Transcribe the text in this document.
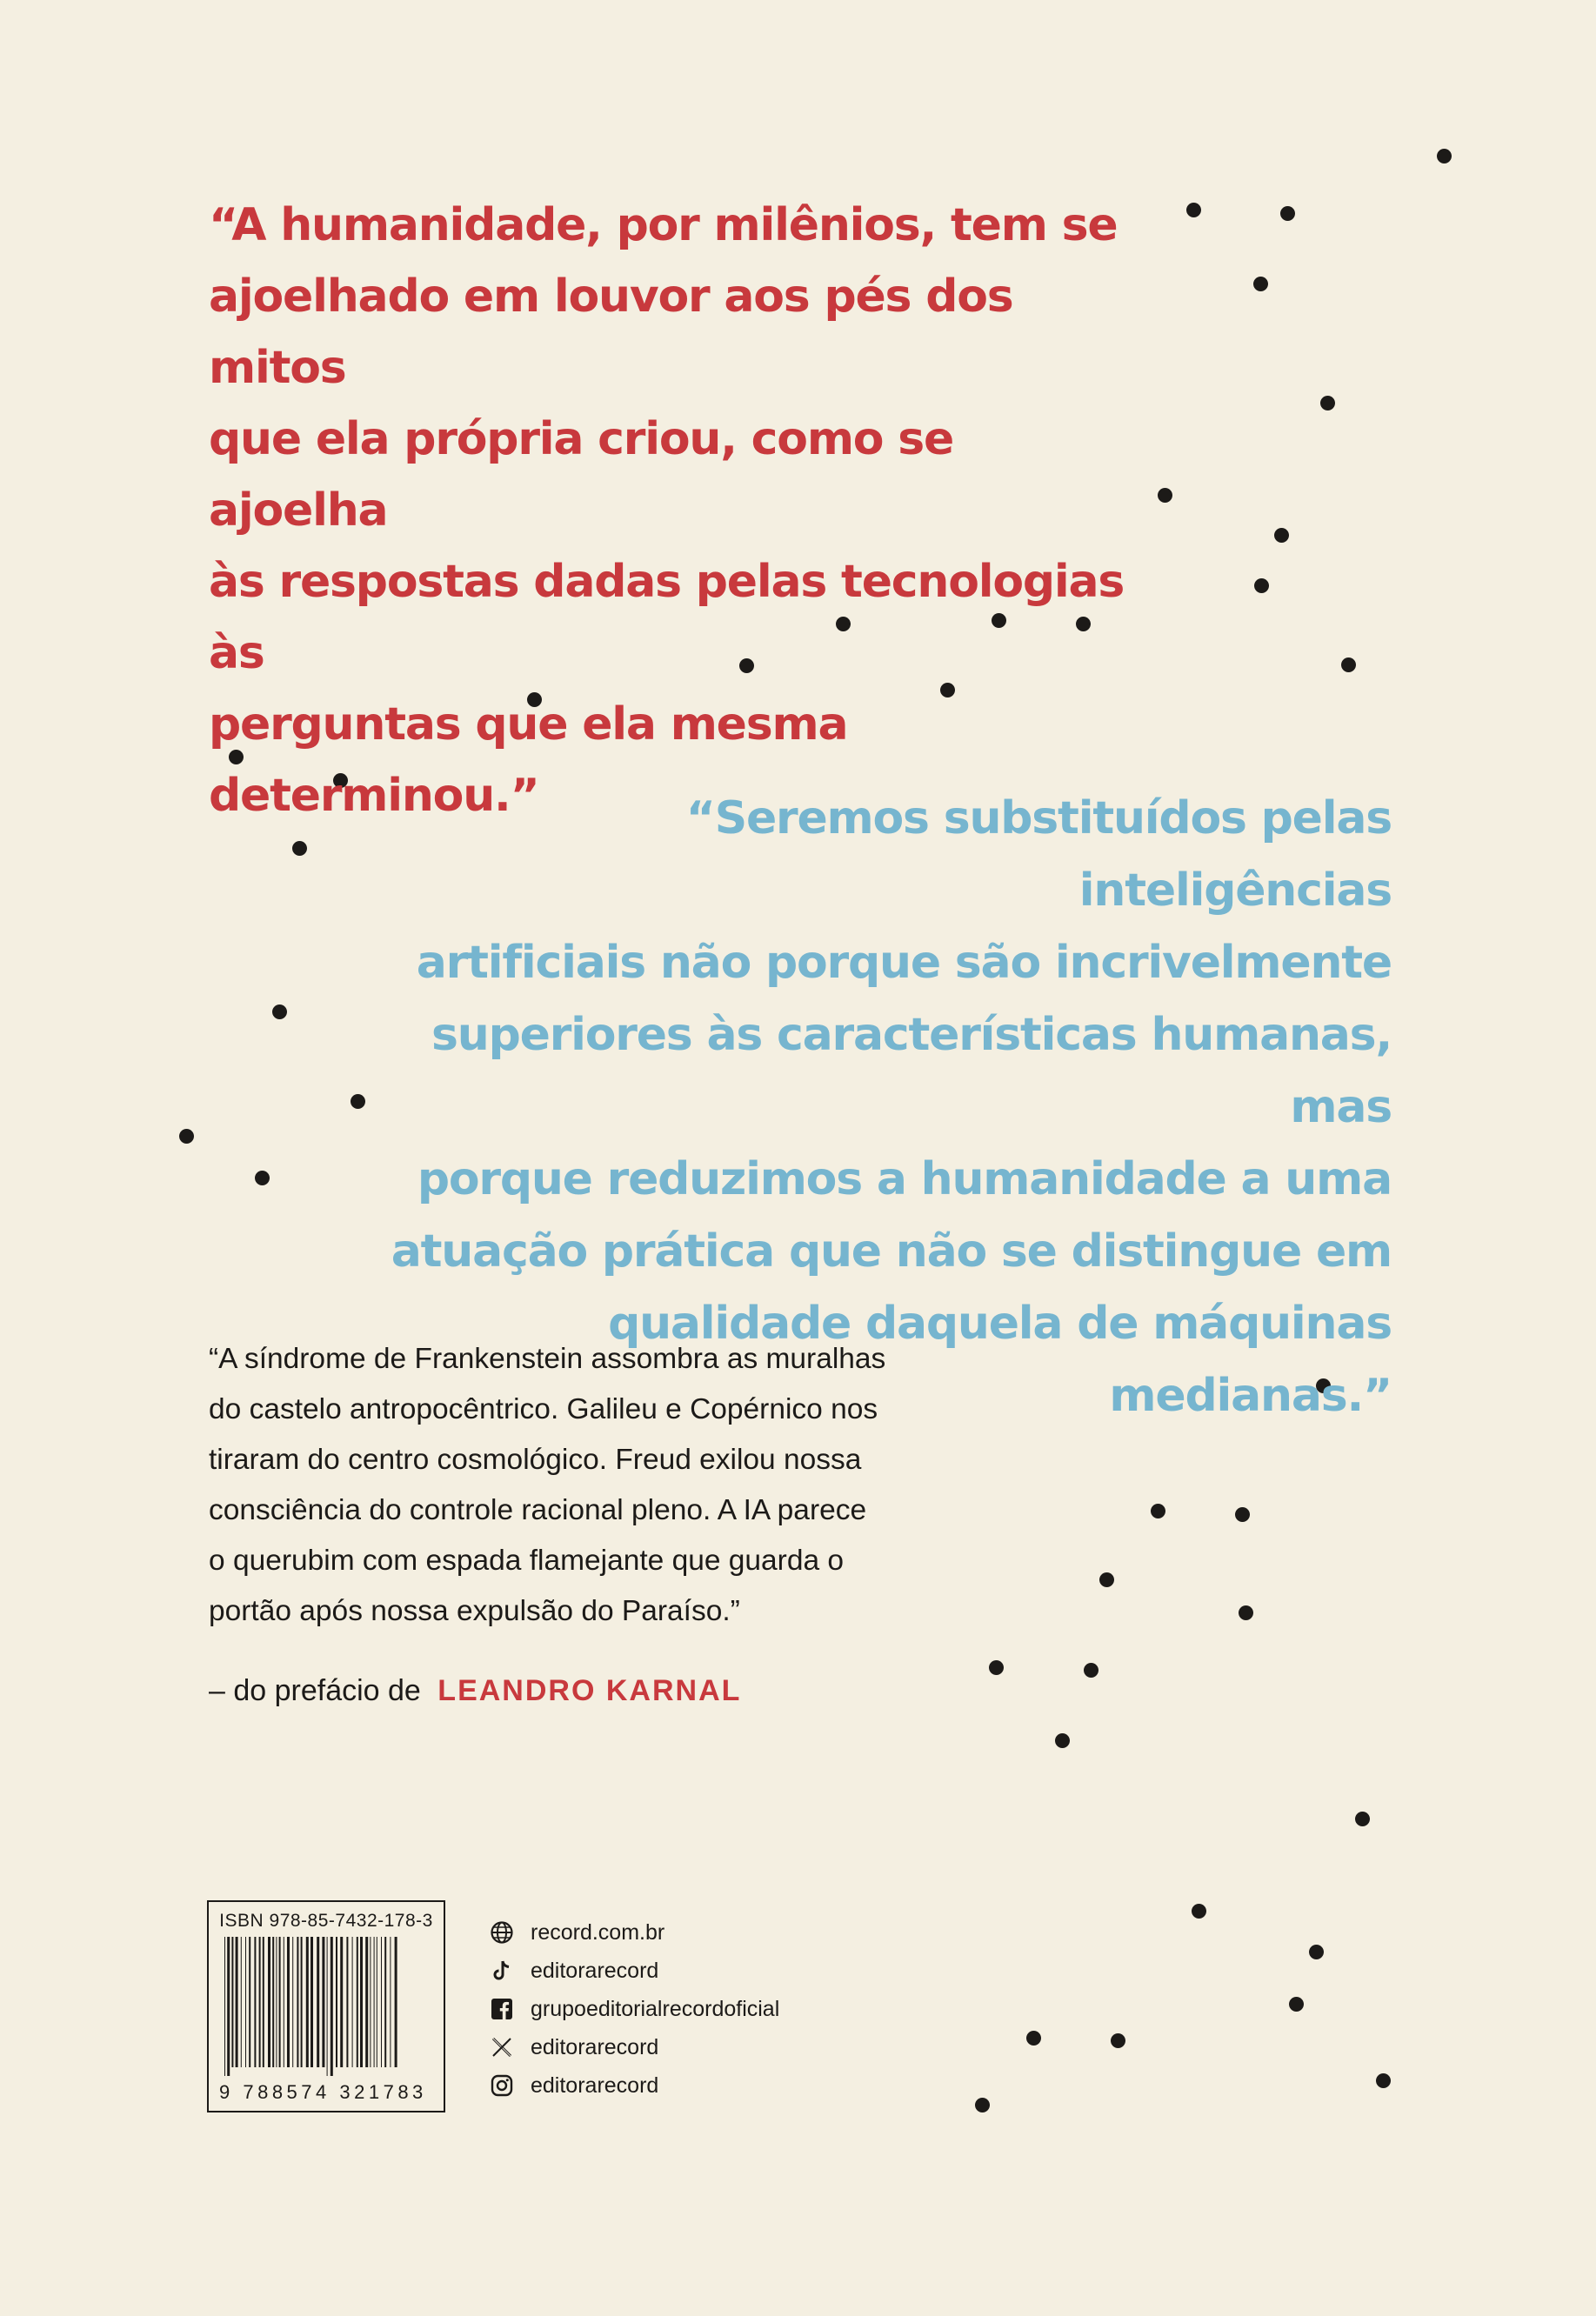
“A humanidade, por milênios, tem se
ajoelhado em louvor aos pés dos mitos
que ela própria criou, como se ajoelha
às respostas dadas pelas tecnologias às
perguntas que ela mesma determinou.”	“Seremos substituídos pelas inteligências
artificiais não porque são incrivelmente
superiores às características humanas, mas
porque reduzimos a humanidade a uma
atuação prática que não se distingue em
qualidade daquela de máquinas medianas.”

“A síndrome de Frankenstein assombra as muralhas
do castelo antropocêntrico. Galileu e Copérnico nos
tiraram do centro cosmológico. Freud exilou nossa
consciência do controle racional pleno. A IA parece
o querubim com espada flamejante que guarda o
portão após nossa expulsão do Paraíso.”

– do prefácio de LEANDRO KARNAL
ISBN 978-85-7432-178-3
9 788574 321783
record.com.br
editorarecord
grupoeditorialrecordoficial
editorarecord
editorarecord
